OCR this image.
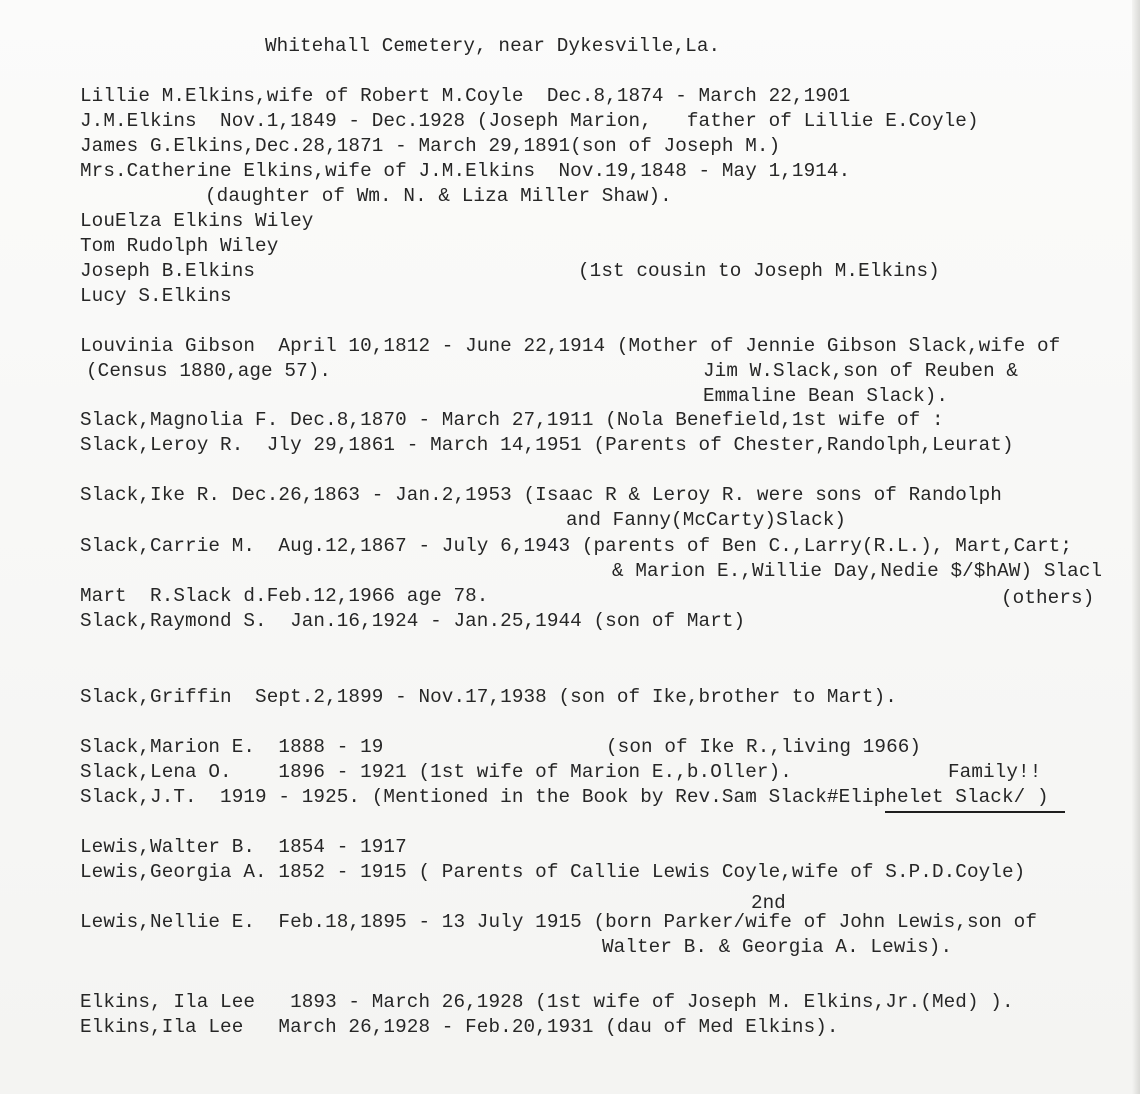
Whitehall Cemetery, near Dykesville,La.
Lillie M.Elkins,wife of Robert M.Coyle  Dec.8,1874 - March 22,1901
J.M.Elkins  Nov.1,1849 - Dec.1928 (Joseph Marion,   father of Lillie E.Coyle)
James G.Elkins,Dec.28,1871 - March 29,1891(son of Joseph M.)
Mrs.Catherine Elkins,wife of J.M.Elkins  Nov.19,1848 - May 1,1914.
(daughter of Wm. N. & Liza Miller Shaw).
LouElza Elkins Wiley
Tom Rudolph Wiley
Joseph B.Elkins	(1st cousin to Joseph M.Elkins)
Lucy S.Elkins
Louvinia Gibson  April 10,1812 - June 22,1914 (Mother of Jennie Gibson Slack,wife of
(Census 1880,age 57).	Jim W.Slack,son of Reuben &
Emmaline Bean Slack).
Slack,Magnolia F. Dec.8,1870 - March 27,1911 (Nola Benefield,1st wife of :
Slack,Leroy R.  Jly 29,1861 - March 14,1951 (Parents of Chester,Randolph,Leurat)
Slack,Ike R. Dec.26,1863 - Jan.2,1953 (Isaac R & Leroy R. were sons of Randolph
and Fanny(McCarty)Slack)
Slack,Carrie M.  Aug.12,1867 - July 6,1943 (parents of Ben C.,Larry(R.L.), Mart,Cart;
& Marion E.,Willie Day,Nedie $/$hAW) Slacl
Mart  R.Slack d.Feb.12,1966 age 78.	(others)
Slack,Raymond S.  Jan.16,1924 - Jan.25,1944 (son of Mart)
Slack,Griffin  Sept.2,1899 - Nov.17,1938 (son of Ike,brother to Mart).
Slack,Marion E.  1888 - 19	(son of Ike R.,living 1966)
Slack,Lena O.    1896 - 1921 (1st wife of Marion E.,b.Oller).	Family!!
Slack,J.T.  1919 - 1925. (Mentioned in the Book by Rev.Sam Slack#Eliphelet Slack/ )
Lewis,Walter B.  1854 - 1917
Lewis,Georgia A. 1852 - 1915 ( Parents of Callie Lewis Coyle,wife of S.P.D.Coyle)
2nd
Lewis,Nellie E.  Feb.18,1895 - 13 July 1915 (born Parker/wife of John Lewis,son of
Walter B. & Georgia A. Lewis).
Elkins, Ila Lee   1893 - March 26,1928 (1st wife of Joseph M. Elkins,Jr.(Med) ).
Elkins,Ila Lee   March 26,1928 - Feb.20,1931 (dau of Med Elkins).
